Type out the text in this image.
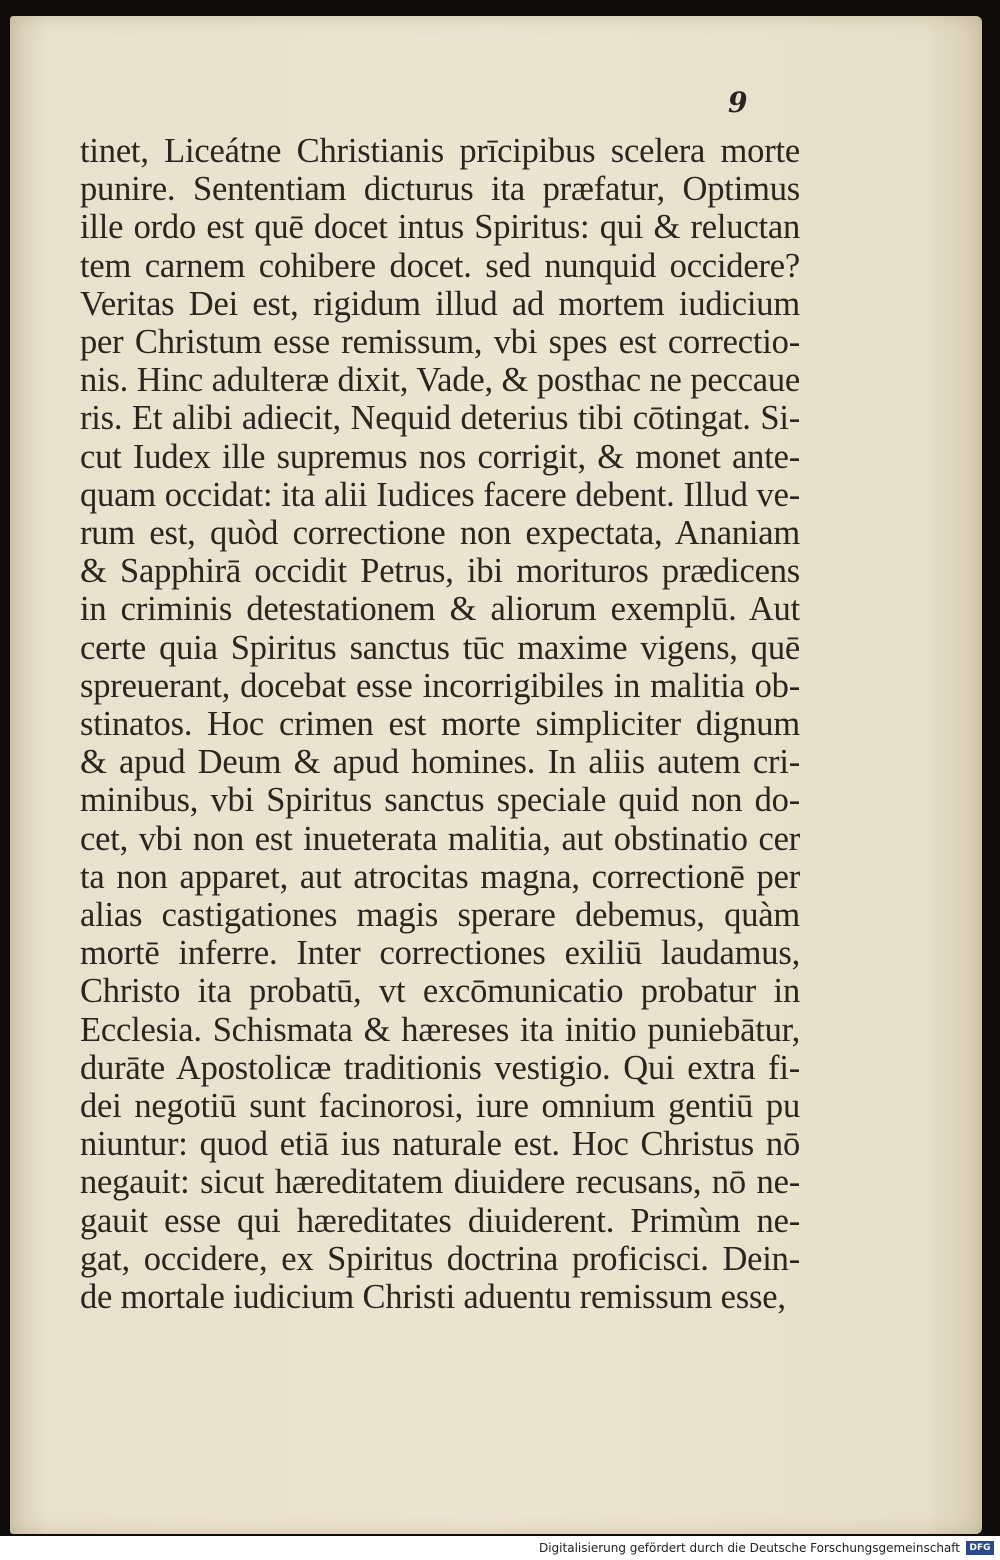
9
tinet, Liceátne Christianis prīcipibus scelera morte
punire. Sententiam dicturus ita præfatur, Optimus
ille ordo est quē docet intus Spiritus: qui & reluctan
tem carnem cohibere docet. sed nunquid occidere?
Veritas Dei est, rigidum illud ad mortem iudicium
per Christum esse remissum, vbi spes est correctio-
nis. Hinc adulteræ dixit, Vade, & posthac ne peccaue
ris. Et alibi adiecit, Nequid deterius tibi cōtingat. Si-
cut Iudex ille supremus nos corrigit, & monet ante-
quam occidat: ita alii Iudices facere debent. Illud ve-
rum est, quòd correctione non expectata, Ananiam
& Sapphirā occidit Petrus, ibi morituros prædicens
in criminis detestationem & aliorum exemplū. Aut
certe quia Spiritus sanctus tūc maxime vigens, quē
spreuerant, docebat esse incorrigibiles in malitia ob-
stinatos. Hoc crimen est morte simpliciter dignum
& apud Deum & apud homines. In aliis autem cri-
minibus, vbi Spiritus sanctus speciale quid non do-
cet, vbi non est inueterata malitia, aut obstinatio cer
ta non apparet, aut atrocitas magna, correctionē per
alias castigationes magis sperare debemus, quàm
mortē inferre. Inter correctiones exiliū laudamus,
Christo ita probatū, vt excōmunicatio probatur in
Ecclesia. Schismata & hæreses ita initio puniebātur,
durāte Apostolicæ traditionis vestigio. Qui extra fi-
dei negotiū sunt facinorosi, iure omnium gentiū pu
niuntur: quod etiā ius naturale est. Hoc Christus nō
negauit: sicut hæreditatem diuidere recusans, nō ne-
gauit esse qui hæreditates diuiderent. Primùm ne-
gat, occidere, ex Spiritus doctrina proficisci. Dein-
de mortale iudicium Christi aduentu remissum esse,
Digitalisierung gefördert durch die Deutsche Forschungsgemeinschaft	DFG
